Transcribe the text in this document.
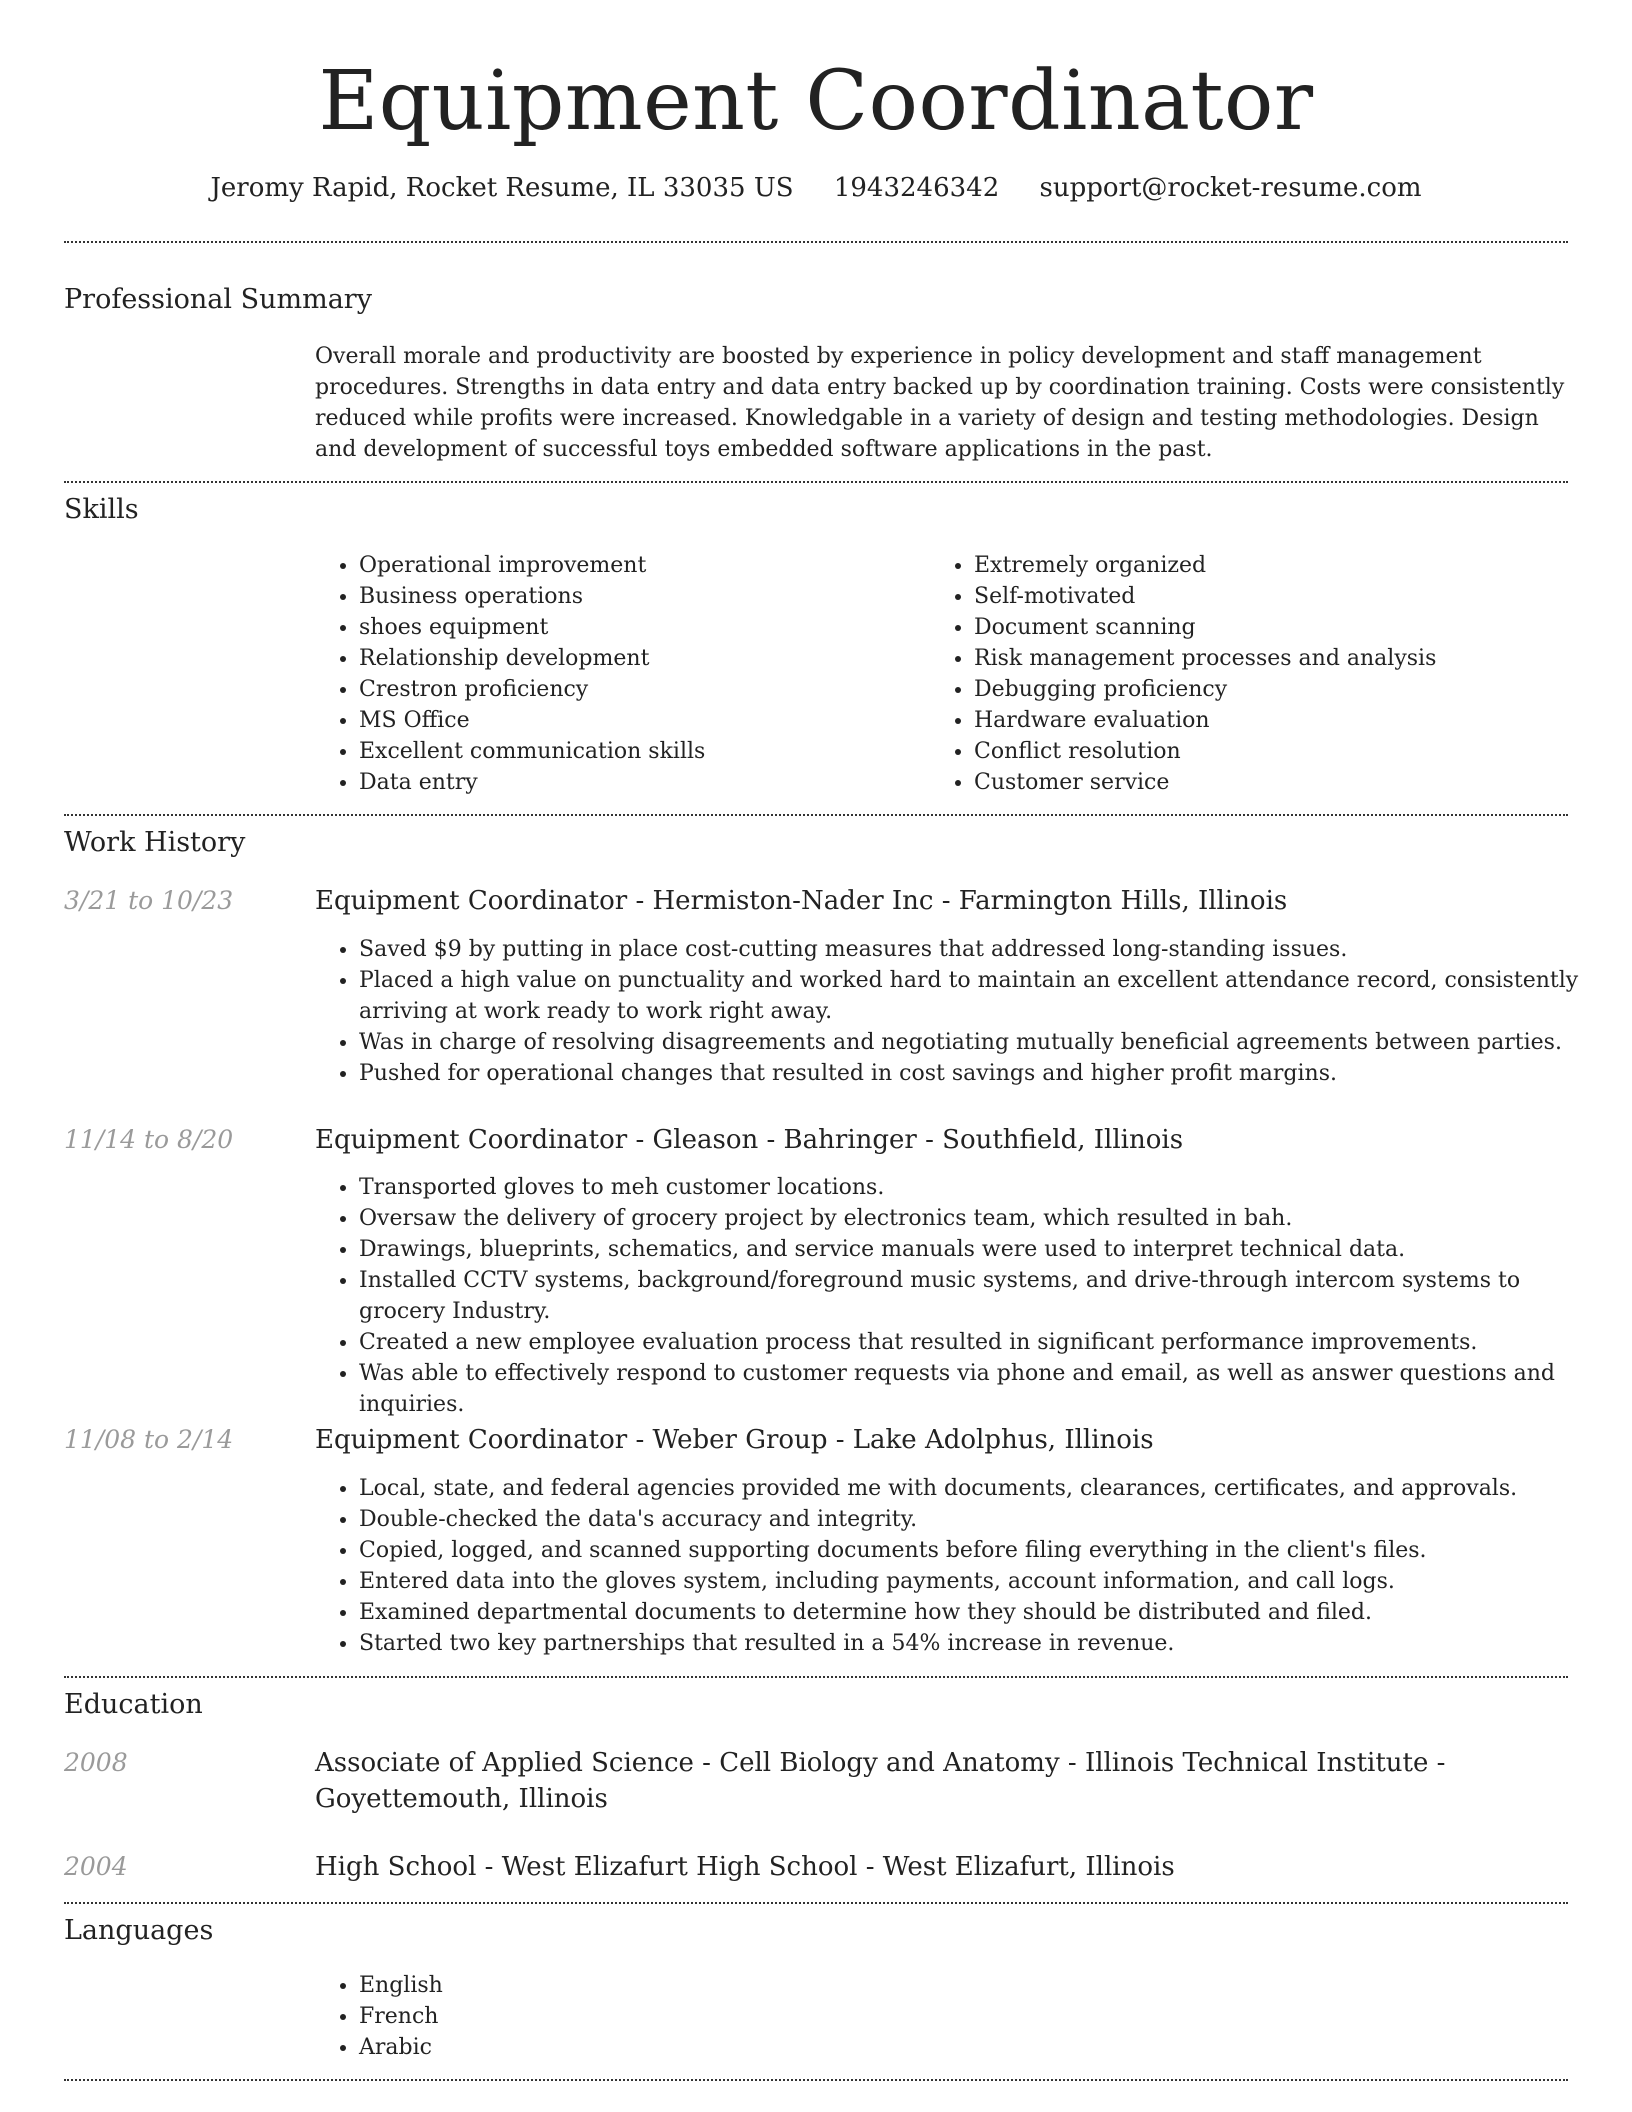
Equipment Coordinator
Jeromy Rapid, Rocket Resume, IL 33035 US 1943246342 support@rocket-resume.com
Professional Summary
Overall morale and productivity are boosted by experience in policy development and staff management procedures. Strengths in data entry and data entry backed up by coordination training. Costs were consistently reduced while profits were increased. Knowledgable in a variety of design and testing methodologies. Design and development of successful toys embedded software applications in the past.
Skills
• Operational improvement
• Business operations
• shoes equipment
• Relationship development
• Crestron proficiency
• MS Office
• Excellent communication skills
• Data entry
• Extremely organized
• Self-motivated
• Document scanning
• Risk management processes and analysis
• Debugging proficiency
• Hardware evaluation
• Conflict resolution
• Customer service
Work History
3/21 to 10/23	Equipment Coordinator - Hermiston-Nader Inc - Farmington Hills, Illinois
• Saved $9 by putting in place cost-cutting measures that addressed long-standing issues.
• Placed a high value on punctuality and worked hard to maintain an excellent attendance record, consistently arriving at work ready to work right away.
• Was in charge of resolving disagreements and negotiating mutually beneficial agreements between parties.
• Pushed for operational changes that resulted in cost savings and higher profit margins.
11/14 to 8/20	Equipment Coordinator - Gleason - Bahringer - Southfield, Illinois
• Transported gloves to meh customer locations.
• Oversaw the delivery of grocery project by electronics team, which resulted in bah.
• Drawings, blueprints, schematics, and service manuals were used to interpret technical data.
• Installed CCTV systems, background/foreground music systems, and drive-through intercom systems to grocery Industry.
• Created a new employee evaluation process that resulted in significant performance improvements.
• Was able to effectively respond to customer requests via phone and email, as well as answer questions and inquiries.
11/08 to 2/14	Equipment Coordinator - Weber Group - Lake Adolphus, Illinois
• Local, state, and federal agencies provided me with documents, clearances, certificates, and approvals.
• Double-checked the data's accuracy and integrity.
• Copied, logged, and scanned supporting documents before filing everything in the client's files.
• Entered data into the gloves system, including payments, account information, and call logs.
• Examined departmental documents to determine how they should be distributed and filed.
• Started two key partnerships that resulted in a 54% increase in revenue.
Education
2008	Associate of Applied Science - Cell Biology and Anatomy - Illinois Technical Institute - Goyettemouth, Illinois
2004	High School - West Elizafurt High School - West Elizafurt, Illinois
Languages
• English
• French
• Arabic
